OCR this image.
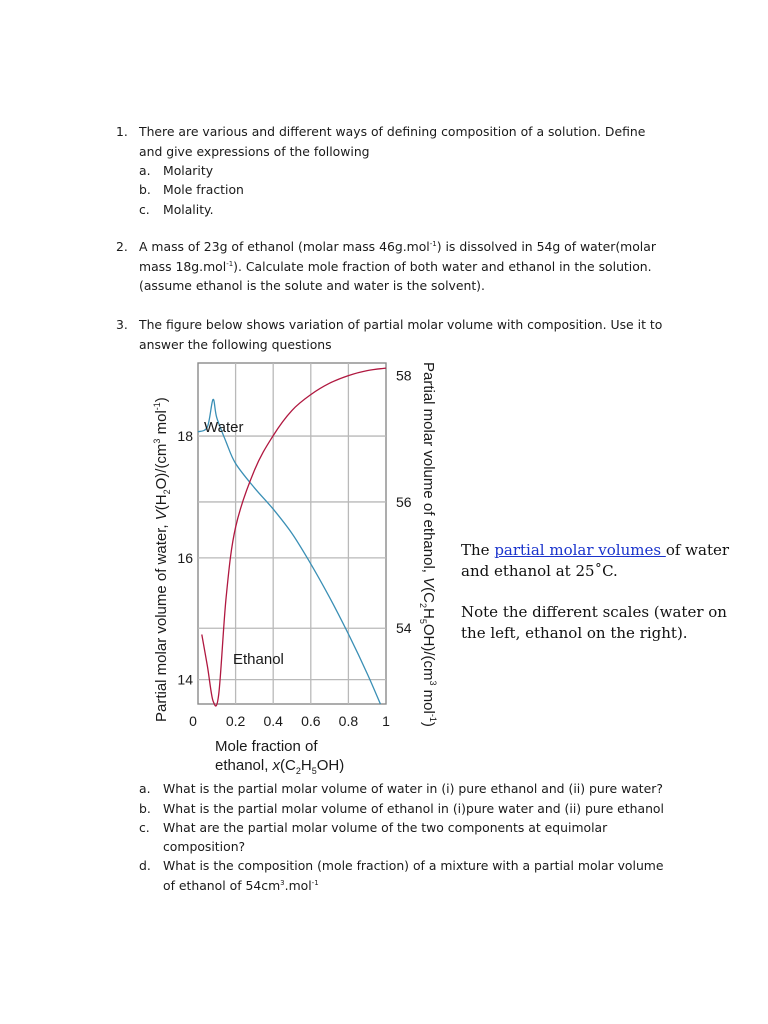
1. There are various and different ways of defining composition of a solution. Define
and give expressions of the following
a. Molarity
b. Mole fraction
c. Molality.
2. A mass of 23g of ethanol (molar mass 46g.mol$^{-1}$) is dissolved in 54g of water(molar
mass 18g.mol$^{-1}$). Calculate mole fraction of both water and ethanol in the solution.
(assume ethanol is the solute and water is the solvent).
3. The figure below shows variation of partial molar volume with composition. Use it to
answer the following questions
0 0.2 0.4 0.6 0.8 1
14
16
18
54
56
58
Water
Ethanol
Mole fraction of
ethanol, $x(C_2H_5OH)$
Partial molar volume of water, $V(H_2O)/(cm^3$ mol$^{-1}$)	Partial molar volume of ethanol, $V(C_2H_5OH)/(cm^3$ mol$^{-1}$)
The partial molar volumes of water
and ethanol at 25˚C.
Note the different scales (water on
the left, ethanol on the right).
a. What is the partial molar volume of water in (i) pure ethanol and (ii) pure water?
b. What is the partial molar volume of ethanol in (i)pure water and (ii) pure ethanol
c. What are the partial molar volume of the two components at equimolar
composition?
d. What is the composition (mole fraction) of a mixture with a partial molar volume
of ethanol of $54cm^3.mol^{-1}$
